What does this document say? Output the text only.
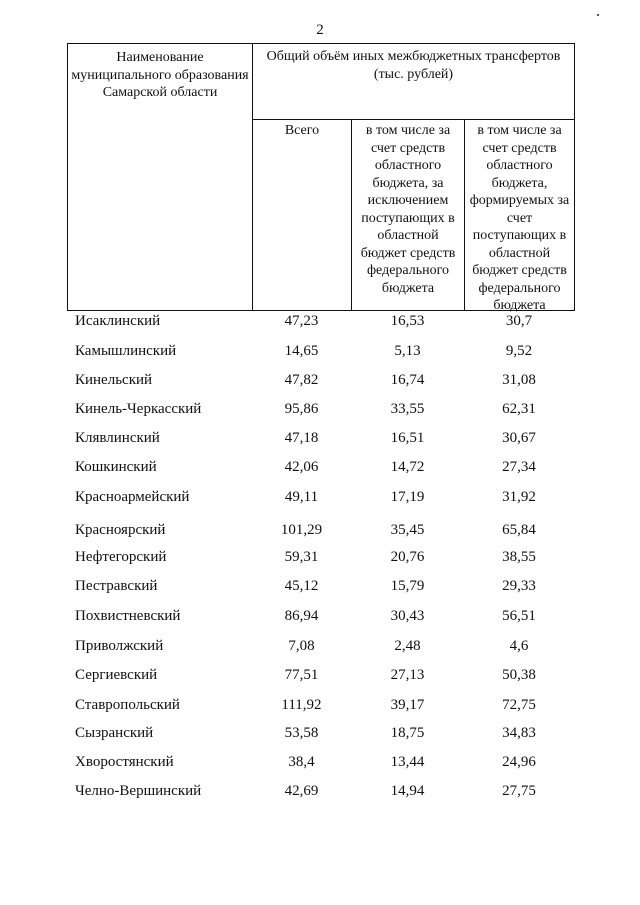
2
Наименование муниципального образования Самарской области
Общий объём иных межбюджетных трансфертов (тыс. рублей)
Всего	в том числе за счет средств областного бюджета, за исключением поступающих в областной бюджет средств федерального бюджета
в том числе за счет средств областного бюджета, формируемых за счет поступающих в областной бюджет средств федерального бюджета
Исаклинский	47,23	16,53	30,7
Камышлинский	14,65	5,13	9,52
Кинельский	47,82	16,74	31,08
Кинель-Черкасский	95,86	33,55	62,31
Клявлинский	47,18	16,51	30,67
Кошкинский	42,06	14,72	27,34
Красноармейский	49,11	17,19	31,92
Красноярский	101,29	35,45	65,84
Нефтегорский	59,31	20,76	38,55
Пестравский	45,12	15,79	29,33
Похвистневский	86,94	30,43	56,51
Приволжский	7,08	2,48	4,6
Сергиевский	77,51	27,13	50,38
Ставропольский	111,92	39,17	72,75
Сызранский	53,58	18,75	34,83
Хворостянский	38,4	13,44	24,96
Челно-Вершинский	42,69	14,94	27,75
